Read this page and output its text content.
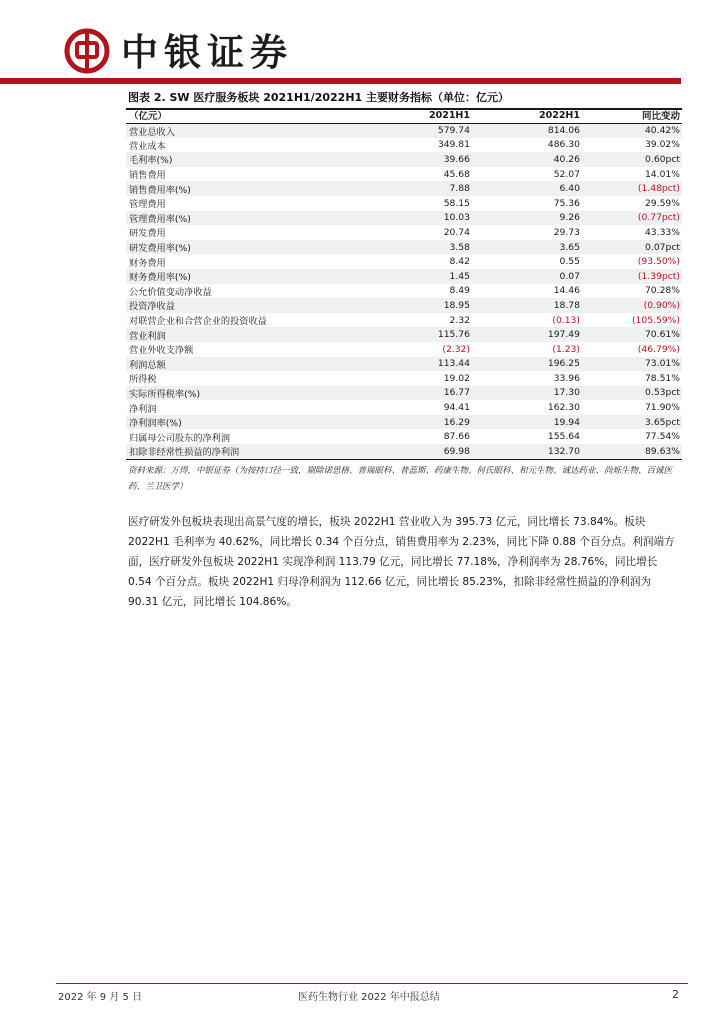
中银证券
图表 2. SW 医疗服务板块 2021H1/2022H1 主要财务指标（单位：亿元）
（亿元）	2021H1	2022H1	同比变动
营业总收入	579.74	814.06	40.42%
营业成本	349.81	486.30	39.02%
毛利率(%)	39.66	40.26	0.60pct
销售费用	45.68	52.07	14.01%
销售费用率(%)	7.88	6.40	(1.48pct)
管理费用	58.15	75.36	29.59%
管理费用率(%)	10.03	9.26	(0.77pct)
研发费用	20.74	29.73	43.33%
研发费用率(%)	3.58	3.65	0.07pct
财务费用	8.42	0.55	(93.50%)
财务费用率(%)	1.45	0.07	(1.39pct)
公允价值变动净收益	8.49	14.46	70.28%
投资净收益	18.95	18.78	(0.90%)
对联营企业和合营企业的投资收益	2.32	(0.13)	(105.59%)
营业利润	115.76	197.49	70.61%
营业外收支净额	(2.32)	(1.23)	(46.79%)
利润总额	113.44	196.25	73.01%
所得税	19.02	33.96	78.51%
实际所得税率(%)	16.77	17.30	0.53pct
净利润	94.41	162.30	71.90%
净利润率(%)	16.29	19.94	3.65pct
归属母公司股东的净利润	87.66	155.64	77.54%
扣除非经常性损益的净利润	69.98	132.70	89.63%
资料来源：万得，中银证券（为按持口径一致，剔除诺思格、普瑞眼科、普蕊斯、药康生物、何氏眼科、和元生物、诚达药业、尚烁生物、百诚医药、兰卫医学）

医疗研发外包板块表现出高景气度的增长，板块 2022H1 营业收入为 395.73 亿元，同比增长 73.84%。板块 2022H1 毛利率为 40.62%，同比增长 0.34 个百分点，销售费用率为 2.23%，同比下降 0.88 个百分点。利润端方面，医疗研发外包板块 2022H1 实现净利润 113.79 亿元，同比增长 77.18%，净利润率为 28.76%，同比增长 0.54 个百分点。板块 2022H1 归母净利润为 112.66 亿元，同比增长 85.23%，扣除非经常性损益的净利润为 90.31 亿元，同比增长 104.86%。

2022 年 9 月 5 日	医药生物行业 2022 年中报总结	2
